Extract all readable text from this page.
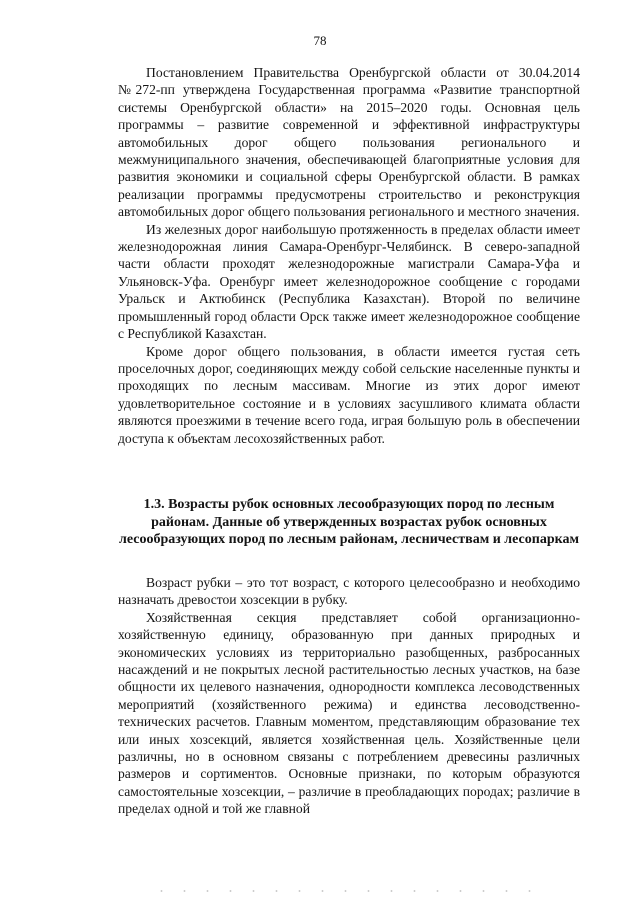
78

Постановлением Правительства Оренбургской области от 30.04.2014 №272-пп утверждена Государственная программа «Развитие транспортной системы Оренбургской области» на 2015–2020 годы. Основная цель программы – развитие современной и эффективной инфраструктуры автомобильных дорог общего пользования регионального и межмуниципального значения, обеспечивающей благоприятные условия для развития экономики и социальной сферы Оренбургской области. В рамках реализации программы предусмотрены строительство и реконструкция автомобильных дорог общего пользования регионального и местного значения.

Из железных дорог наибольшую протяженность в пределах области имеет железнодорожная линия Самара-Оренбург-Челябинск. В северо-западной части области проходят железнодорожные магистрали Самара-Уфа и Ульяновск-Уфа. Оренбург имеет железнодорожное сообщение с городами Уральск и Актюбинск (Республика Казахстан). Второй по величине промышленный город области Орск также имеет железнодорожное сообщение с Республикой Казахстан.

Кроме дорог общего пользования, в области имеется густая сеть проселочных дорог, соединяющих между собой сельские населенные пункты и проходящих по лесным массивам. Многие из этих дорог имеют удовлетворительное состояние и в условиях засушливого климата области являются проезжими в течение всего года, играя большую роль в обеспечении доступа к объектам лесохозяйственных работ.

1.3. Возрасты рубок основных лесообразующих пород по лесным районам. Данные об утвержденных возрастах рубок основных лесообразующих пород по лесным районам, лесничествам и лесопаркам

Возраст рубки – это тот возраст, с которого целесообразно и необходимо назначать древостои хозсекции в рубку.

Хозяйственная секция представляет собой организационно-хозяйственную единицу, образованную при данных природных и экономических условиях из территориально разобщенных, разбросанных насаждений и не покрытых лесной растительностью лесных участков, на базе общности их целевого назначения, однородности комплекса лесоводственных мероприятий (хозяйственного режима) и единства лесоводственно-технических расчетов. Главным моментом, представляющим образование тех или иных хозсекций, является хозяйственная цель. Хозяйственные цели различны, но в основном связаны с потреблением древесины различных размеров и сортиментов. Основные признаки, по которым образуются самостоятельные хозсекции, – различие в преобладающих породах; различие в пределах одной и той же главной
